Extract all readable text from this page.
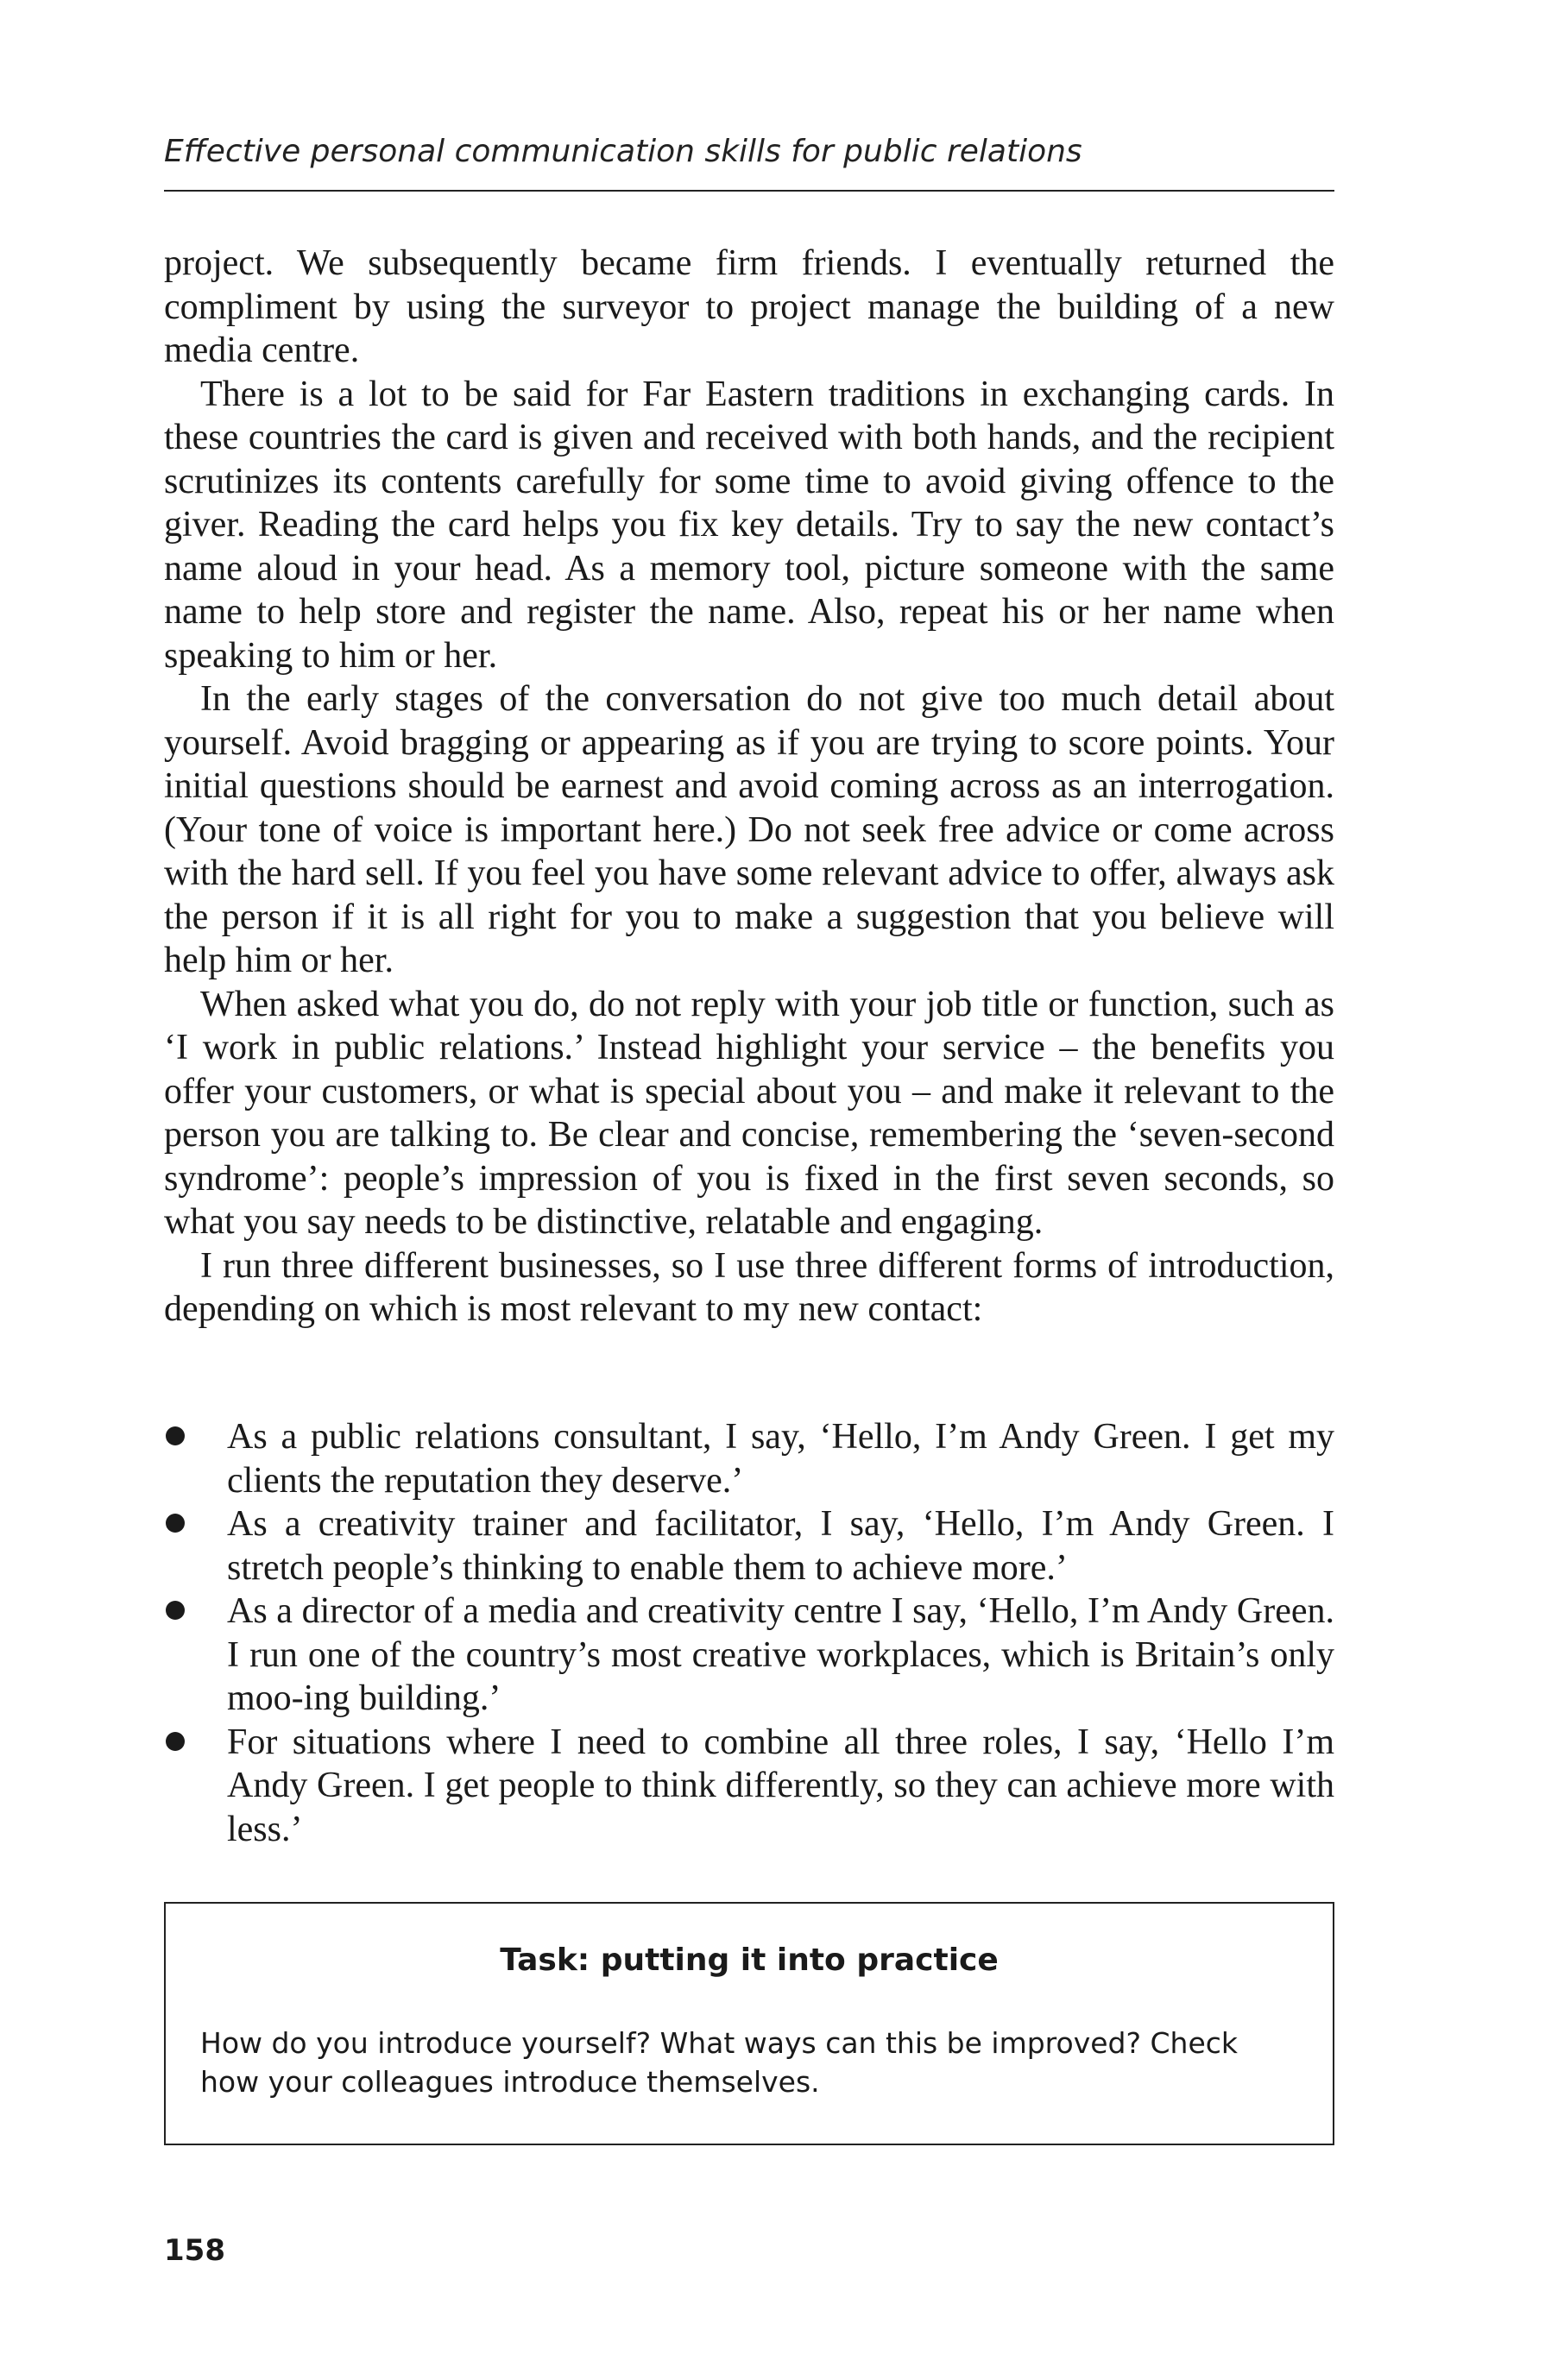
Effective personal communication skills for public relations

project. We subsequently became firm friends. I eventually returned the compliment by using the surveyor to project manage the building of a new media centre.

There is a lot to be said for Far Eastern traditions in exchanging cards. In these countries the card is given and received with both hands, and the recipient scrutinizes its contents carefully for some time to avoid giving offence to the giver. Reading the card helps you fix key details. Try to say the new contact’s name aloud in your head. As a memory tool, picture someone with the same name to help store and register the name. Also, repeat his or her name when speaking to him or her.

In the early stages of the conversation do not give too much detail about yourself. Avoid bragging or appearing as if you are trying to score points. Your initial questions should be earnest and avoid coming across as an interrogation. (Your tone of voice is important here.) Do not seek free advice or come across with the hard sell. If you feel you have some relevant advice to offer, always ask the person if it is all right for you to make a suggestion that you believe will help him or her.

When asked what you do, do not reply with your job title or function, such as ‘I work in public relations.’ Instead highlight your service – the benefits you offer your customers, or what is special about you – and make it relevant to the person you are talking to. Be clear and concise, remembering the ‘seven-second syndrome’: people’s impression of you is fixed in the first seven seconds, so what you say needs to be distinctive, relatable and engaging.

I run three different businesses, so I use three different forms of introduction, depending on which is most relevant to my new contact:

As a public relations consultant, I say, ‘Hello, I’m Andy Green. I get my clients the reputation they deserve.’
As a creativity trainer and facilitator, I say, ‘Hello, I’m Andy Green. I stretch people’s thinking to enable them to achieve more.’
As a director of a media and creativity centre I say, ‘Hello, I’m Andy Green. I run one of the country’s most creative workplaces, which is Britain’s only moo-ing building.’
For situations where I need to combine all three roles, I say, ‘Hello I’m Andy Green. I get people to think differently, so they can achieve more with less.’
Task: putting it into practice
How do you introduce yourself? What ways can this be improved? Check how your colleagues introduce themselves.
158
